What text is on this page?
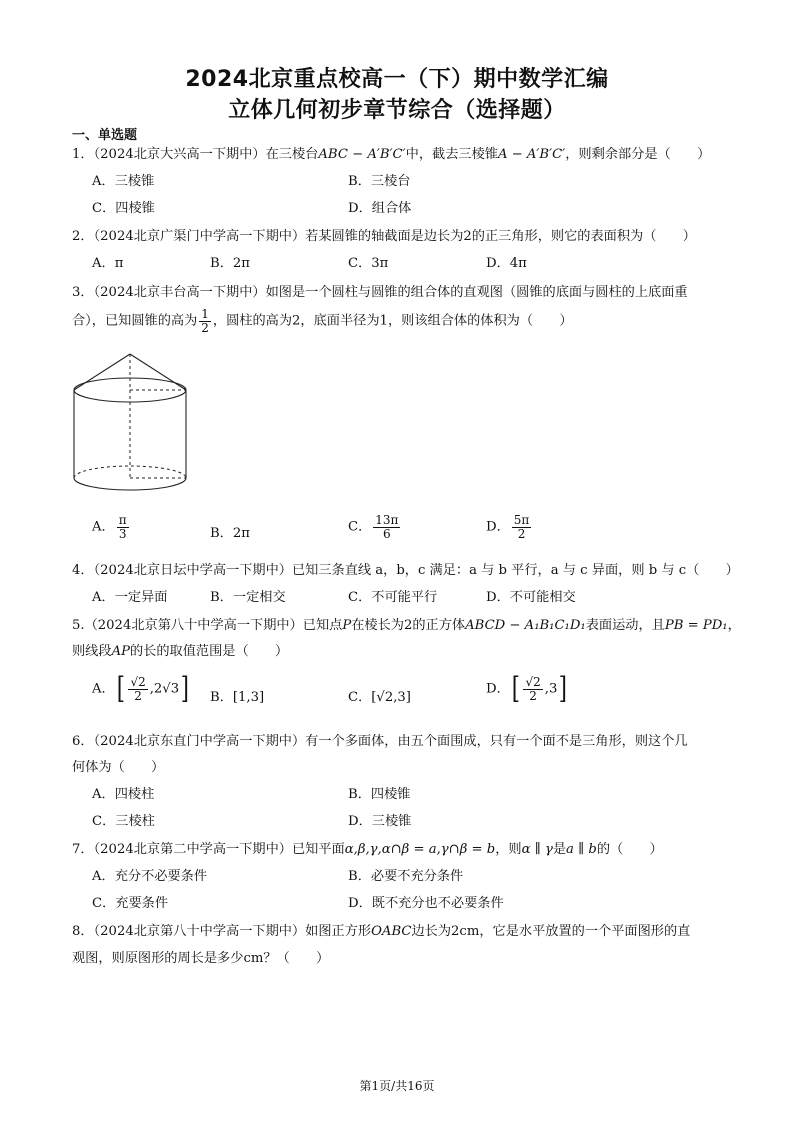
2024北京重点校高一（下）期中数学汇编
立体几何初步章节综合（选择题）
一、单选题
1．（2024北京大兴高一下期中）在三棱台ABC − A′B′C′中，截去三棱锥A − A′B′C′，则剩余部分是（　　）
A．三棱锥	B．三棱台
C．四棱锥	D．组合体
2．（2024北京广渠门中学高一下期中）若某圆锥的轴截面是边长为2的正三角形，则它的表面积为（　　）
A．π	B．2π	C．3π	D．4π
3．（2024北京丰台高一下期中）如图是一个圆柱与圆锥的组合体的直观图（圆锥的底面与圆柱的上底面重
合），已知圆锥的高为 $\frac{1}{2}$ ，圆柱的高为2，底面半径为1，则该组合体的体积为（　　）
A． $\frac{\pi}{3}$	B．2π	C． $\frac{13\pi}{6}$	D． $\frac{5\pi}{2}$
4．（2024北京日坛中学高一下期中）已知三条直线 a，b，c 满足：a 与 b 平行，a 与 c 异面，则 b 与 c（　　）
A．一定异面	B．一定相交	C．不可能平行	D．不可能相交
5.（2024北京第八十中学高一下期中）已知点P在棱长为2的正方体ABCD − A₁B₁C₁D₁表面运动，且PB = PD₁，
则线段AP的长的取值范围是（　　）
A．[ $\frac{√2}{2} ,2√3$] B．[1,3]	C．[√2,3]
D．[ $\frac{√2}{2} ,3$]
6．（2024北京东直门中学高一下期中）有一个多面体，由五个面围成，只有一个面不是三角形，则这个几
何体为（　　）
A．四棱柱	B．四棱锥
C．三棱柱	D．三棱锥
7．（2024北京第二中学高一下期中）已知平面α,β,γ,α∩β = a,γ∩β = b，则α ∥ γ是a ∥ b的（　　）
A．充分不必要条件	B．必要不充分条件
C．充要条件	D．既不充分也不必要条件
8．（2024北京第八十中学高一下期中）如图正方形OABC边长为2cm，它是水平放置的一个平面图形的直
观图，则原图形的周长是多少cm？（　　）
第1页/共16页
